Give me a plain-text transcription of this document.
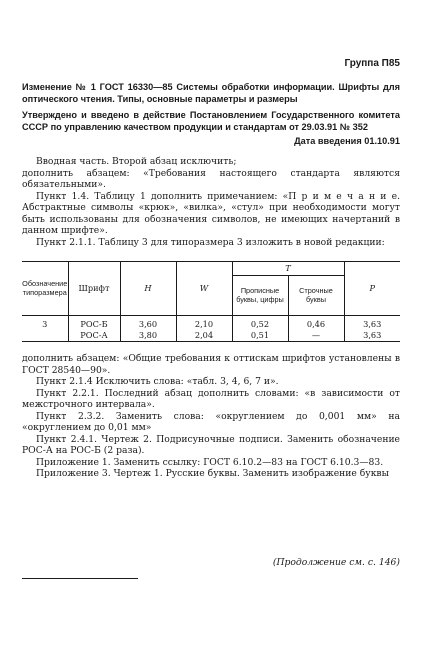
Группа П85
Изменение № 1 ГОСТ 16330—85 Системы обработки информации. Шрифты для оптического чтения. Типы, основные параметры и размеры
Утверждено и введено в действие Постановлением Государственного комитета СССР по управлению качеством продукции и стандартам от 29.03.91 № 352
Дата введения 01.10.91

Вводная часть. Второй абзац исключить;

дополнить абзацем: «Требования настоящего стандарта являются обязательными».

Пункт 1.4. Таблицу 1 дополнить примечанием: «П р и м е ч а н и е. Абстрактные символы «крюк», «вилка», «стул» при необходимости могут быть использованы для обозначения символов, не имеющих начертаний в данном шрифте».

Пункт 2.1.1. Таблицу 3 для типоразмера 3 изложить в новой редакции:

Обозначение типоразмера	Шрифт	H	W	T		P
				Прописные буквы, цифры	Строчные буквы	
3	РОС-Б	3,60	2,10	0,52	0,46	3,63
	РОС-А	3,80	2,04	0,51	—	3,63

дополнить абзацем: «Общие требования к оттискам шрифтов установлены в ГОСТ 28540—90».

Пункт 2.1.4 Исключить слова: «табл. 3, 4, 6, 7 и».

Пункт 2.2.1. Последний абзац дополнить словами: «в зависимости от межстрочного интервала».

Пункт 2.3.2. Заменить слова: «округлением до 0,001 мм» на «округлением до 0,01 мм»

Пункт 2.4.1. Чертеж 2. Подрисуночные подписи. Заменить обозначение РОС-А на РОС-Б (2 раза).

Приложение 1. Заменить ссылку: ГОСТ 6.10.2—83 на ГОСТ 6.10.3—83.

Приложение 3. Чертеж 1. Русские буквы. Заменить изображение буквы

(Продолжение см. с. 146)
